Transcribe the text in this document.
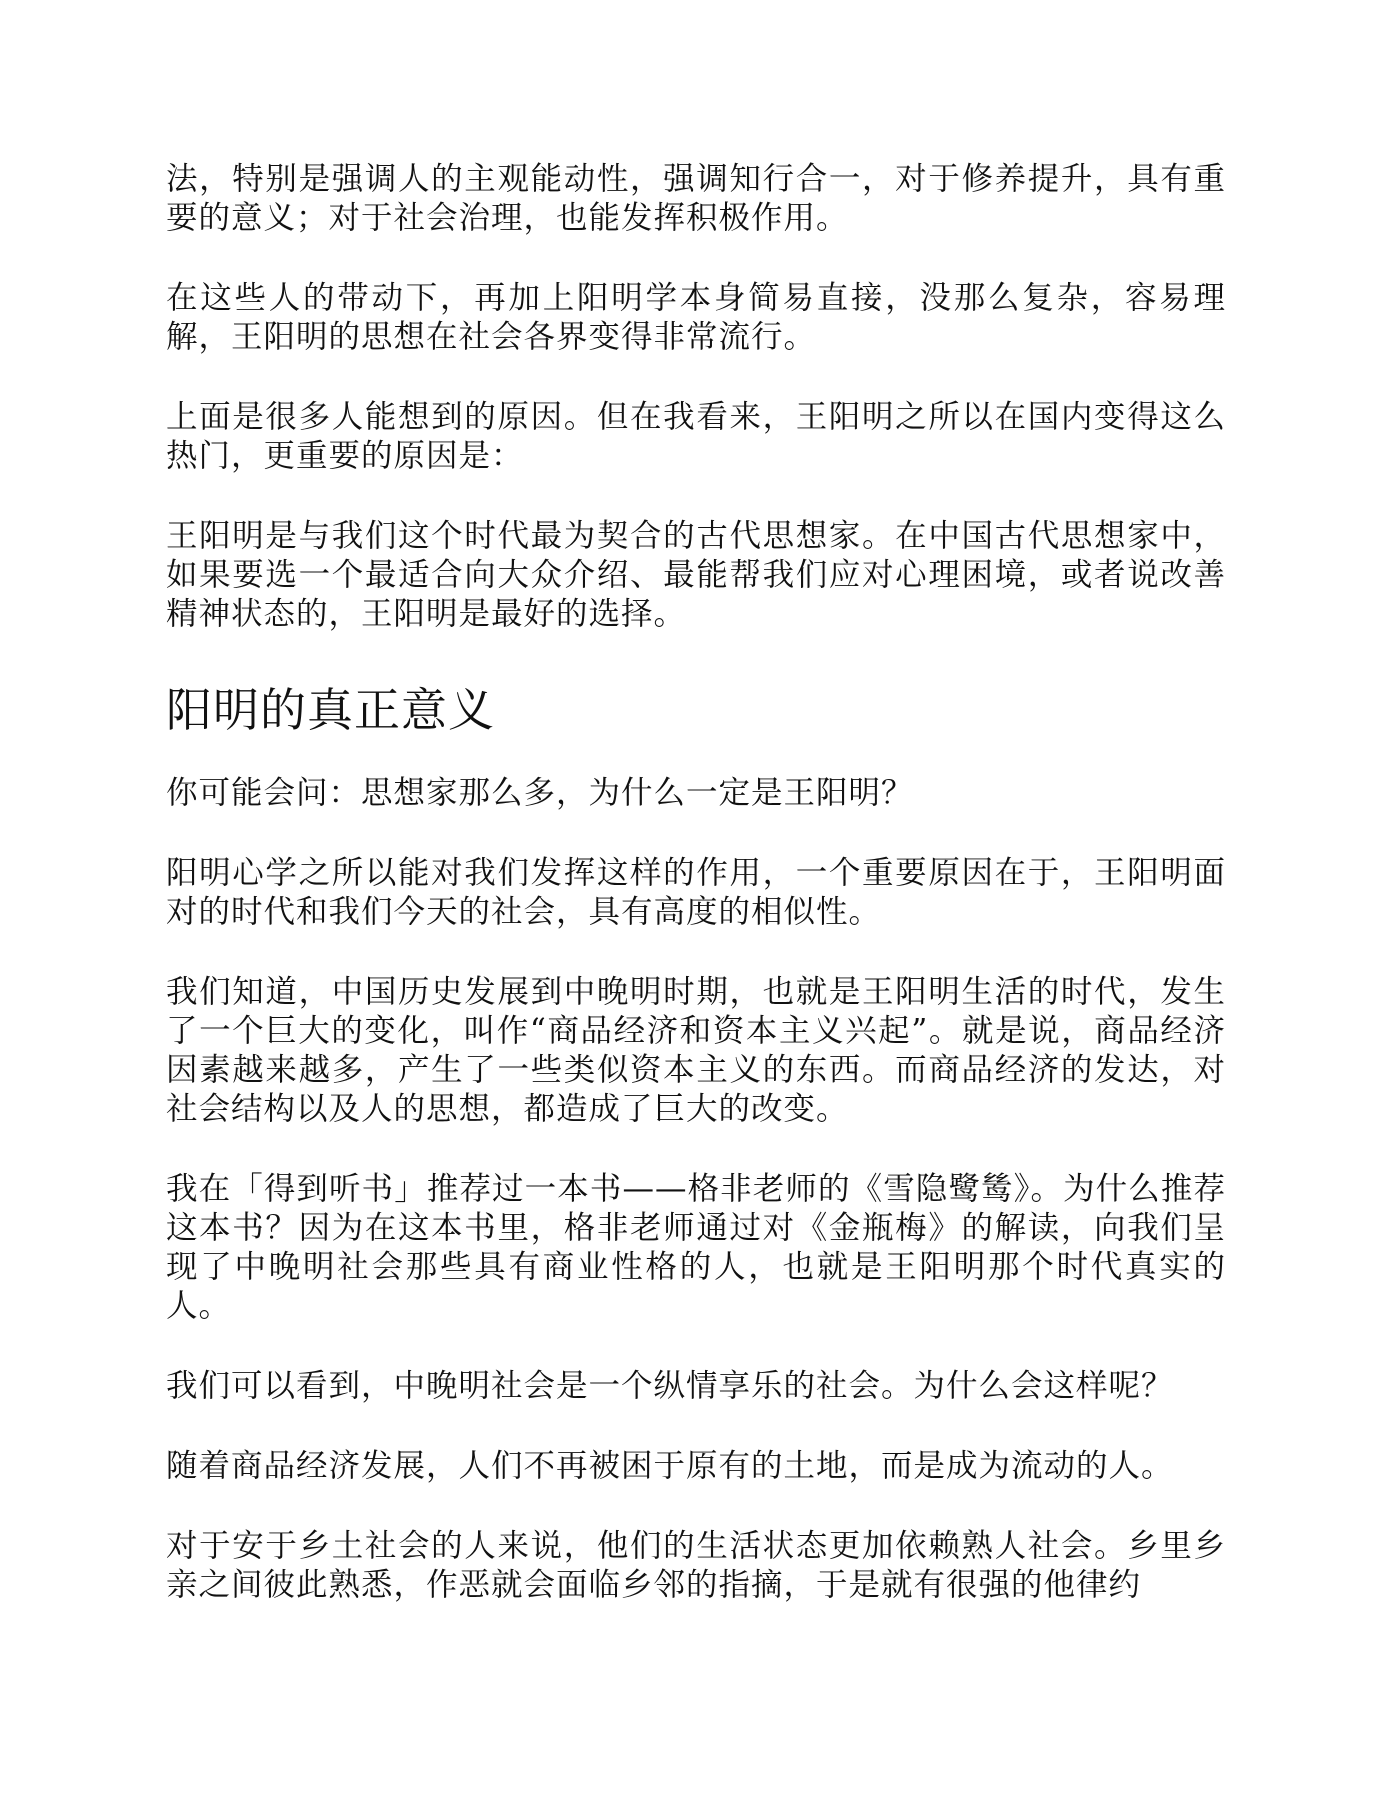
法，特别是强调人的主观能动性，强调知行合一，对于修养提升，具有重要的意义；对于社会治理，也能发挥积极作用。

在这些人的带动下，再加上阳明学本身简易直接，没那么复杂，容易理解，王阳明的思想在社会各界变得非常流行。

上面是很多人能想到的原因。但在我看来，王阳明之所以在国内变得这么热门，更重要的原因是：

王阳明是与我们这个时代最为契合的古代思想家。在中国古代思想家中，如果要选一个最适合向大众介绍、最能帮我们应对心理困境，或者说改善精神状态的，王阳明是最好的选择。

阳明的真正意义

你可能会问：思想家那么多，为什么一定是王阳明？

阳明心学之所以能对我们发挥这样的作用，一个重要原因在于，王阳明面对的时代和我们今天的社会，具有高度的相似性。

我们知道，中国历史发展到中晚明时期，也就是王阳明生活的时代，发生了一个巨大的变化，叫作“商品经济和资本主义兴起”。就是说，商品经济因素越来越多，产生了一些类似资本主义的东西。而商品经济的发达，对社会结构以及人的思想，都造成了巨大的改变。

我在「得到听书」推荐过一本书——格非老师的《雪隐鹭鸶》。为什么推荐这本书？因为在这本书里，格非老师通过对《金瓶梅》的解读，向我们呈现了中晚明社会那些具有商业性格的人，也就是王阳明那个时代真实的人。

我们可以看到，中晚明社会是一个纵情享乐的社会。为什么会这样呢？

随着商品经济发展，人们不再被困于原有的土地，而是成为流动的人。

对于安于乡土社会的人来说，他们的生活状态更加依赖熟人社会。乡里乡亲之间彼此熟悉，作恶就会面临乡邻的指摘，于是就有很强的他律约
